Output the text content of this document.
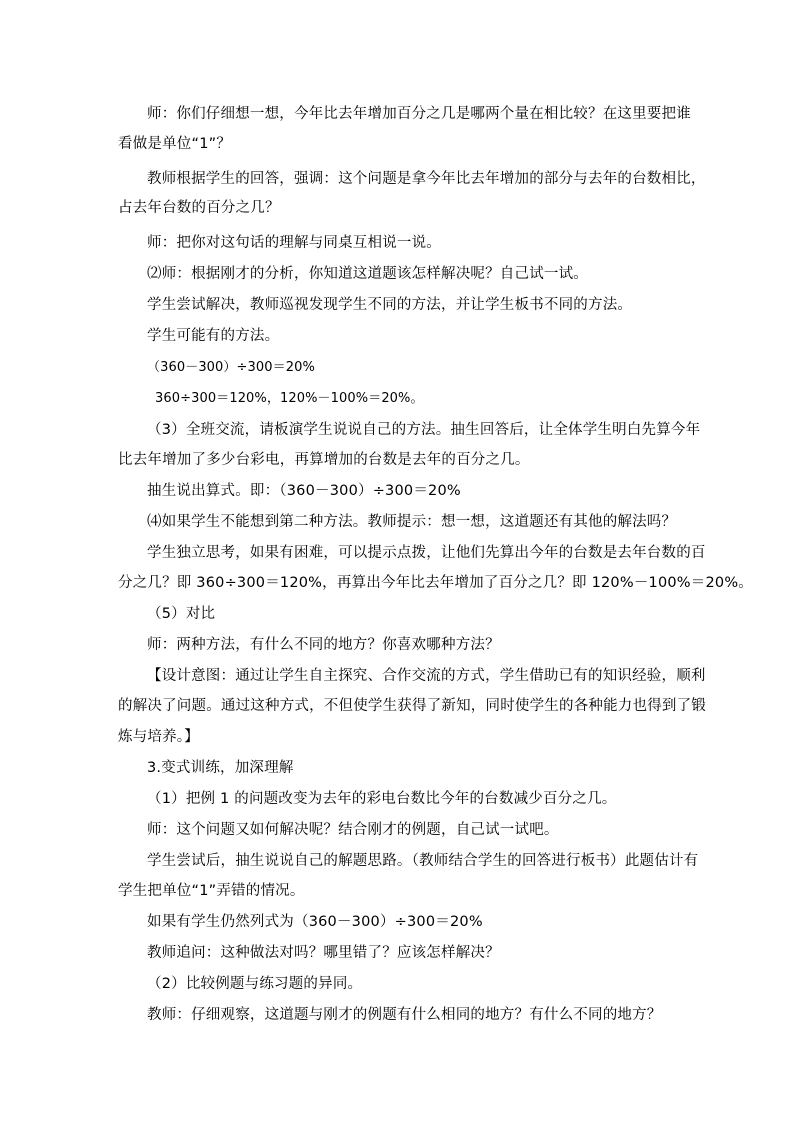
师：你们仔细想一想，今年比去年增加百分之几是哪两个量在相比较？在这里要把谁
看做是单位“1”？
教师根据学生的回答，强调：这个问题是拿今年比去年增加的部分与去年的台数相比，
占去年台数的百分之几？
师：把你对这句话的理解与同桌互相说一说。
⑵师：根据刚才的分析，你知道这道题该怎样解决呢？自己试一试。
学生尝试解决，教师巡视发现学生不同的方法，并让学生板书不同的方法。
学生可能有的方法。
（360－300）÷300＝20%
360÷300＝120%，120%－100%＝20%。
（3）全班交流，请板演学生说说自己的方法。抽生回答后，让全体学生明白先算今年
比去年增加了多少台彩电，再算增加的台数是去年的百分之几。
抽生说出算式。即：（360－300）÷300＝20%
⑷如果学生不能想到第二种方法。教师提示：想一想，这道题还有其他的解法吗？
学生独立思考，如果有困难，可以提示点拨，让他们先算出今年的台数是去年台数的百
分之几？即 360÷300＝120%，再算出今年比去年增加了百分之几？即 120%－100%＝20%。
（5）对比
师：两种方法，有什么不同的地方？你喜欢哪种方法？
【设计意图：通过让学生自主探究、合作交流的方式，学生借助已有的知识经验，顺利
的解决了问题。通过这种方式，不但使学生获得了新知，同时使学生的各种能力也得到了锻
炼与培养。】
3.变式训练，加深理解
（1）把例 1 的问题改变为去年的彩电台数比今年的台数减少百分之几。
师：这个问题又如何解决呢？结合刚才的例题，自己试一试吧。
学生尝试后，抽生说说自己的解题思路。（教师结合学生的回答进行板书）此题估计有
学生把单位“1”弄错的情况。
如果有学生仍然列式为（360－300）÷300＝20%
教师追问：这种做法对吗？哪里错了？应该怎样解决？
（2）比较例题与练习题的异同。
教师：仔细观察，这道题与刚才的例题有什么相同的地方？有什么不同的地方？
